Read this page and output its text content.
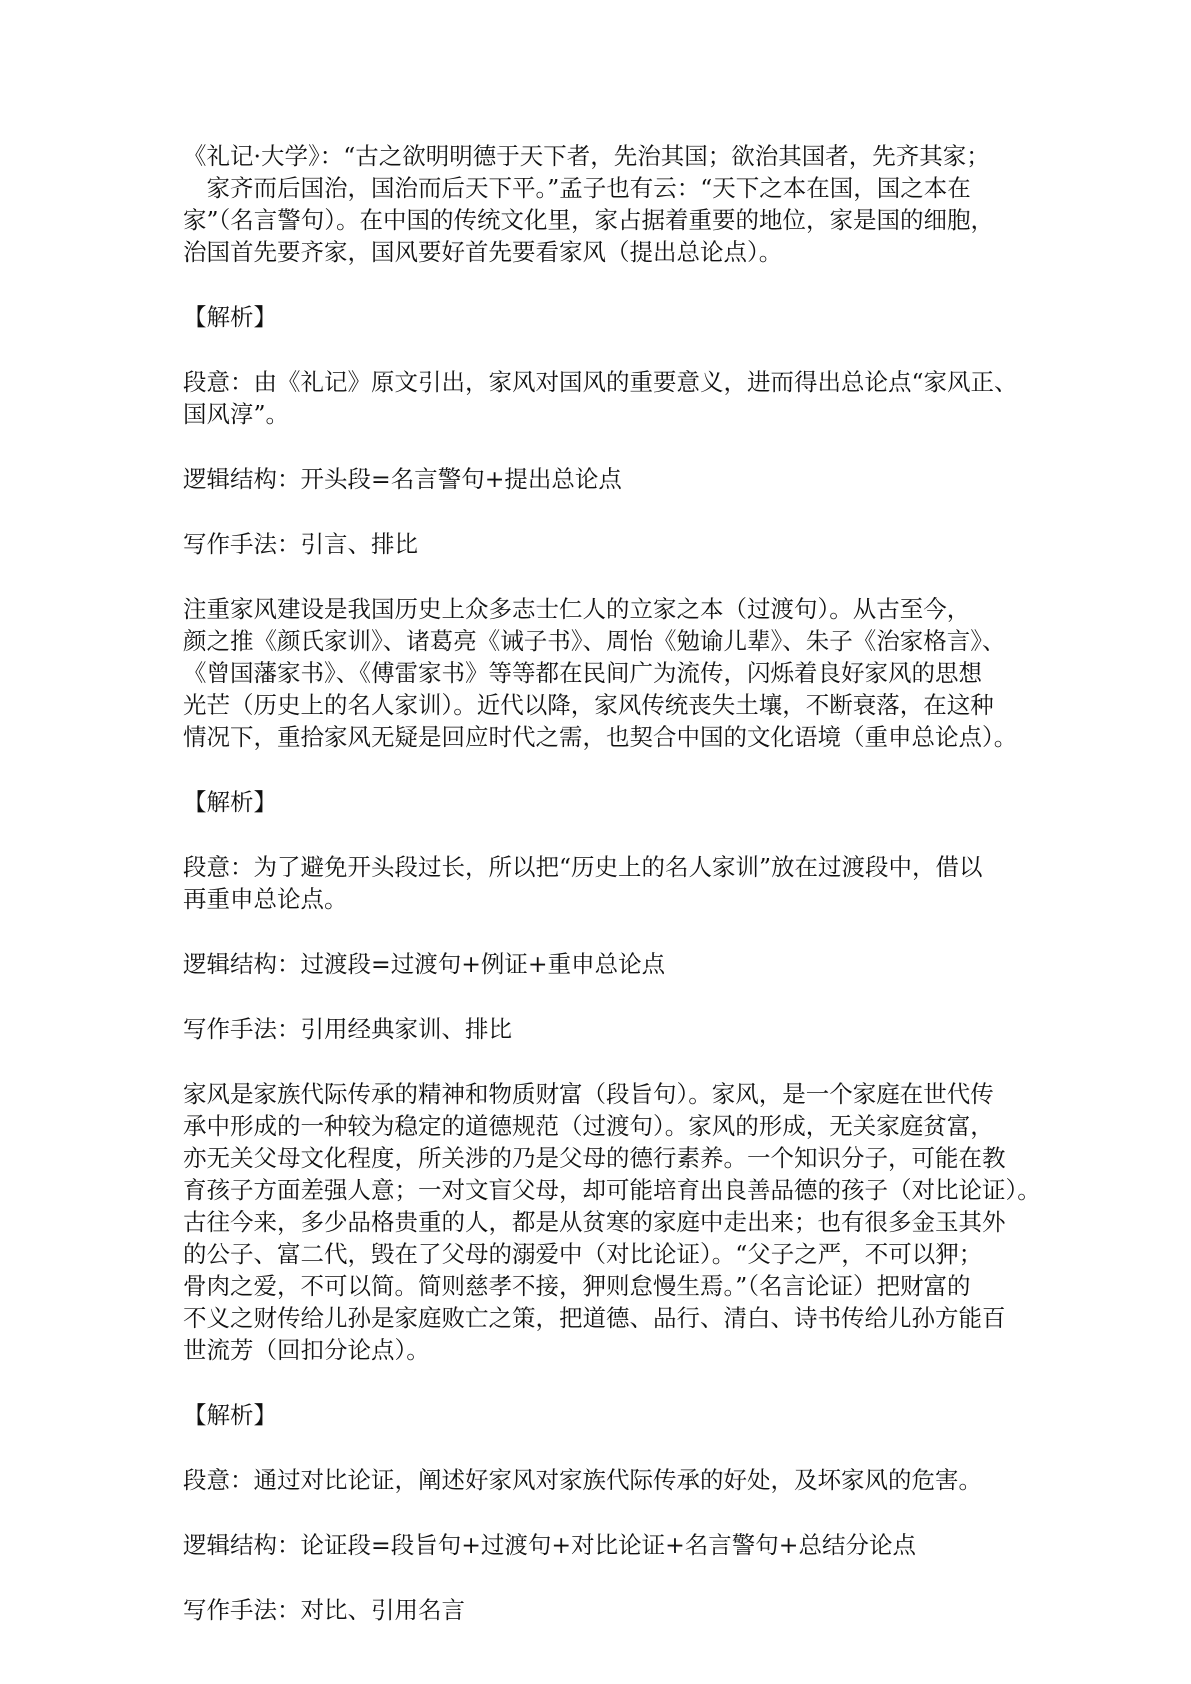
《礼记·大学》：“古之欲明明德于天下者，先治其国；欲治其国者，先齐其家；
　家齐而后国治，国治而后天下平。”孟子也有云：“天下之本在国，国之本在
家”（名言警句）。在中国的传统文化里，家占据着重要的地位，家是国的细胞，
治国首先要齐家，国风要好首先要看家风（提出总论点）。
【解析】
段意：由《礼记》原文引出，家风对国风的重要意义，进而得出总论点“家风正、
国风淳”。
逻辑结构：开头段=名言警句+提出总论点
写作手法：引言、排比
注重家风建设是我国历史上众多志士仁人的立家之本（过渡句）。从古至今，
颜之推《颜氏家训》、诸葛亮《诫子书》、周怡《勉谕儿辈》、朱子《治家格言》、
《曾国藩家书》、《傅雷家书》等等都在民间广为流传，闪烁着良好家风的思想
光芒（历史上的名人家训）。近代以降，家风传统丧失土壤，不断衰落，在这种
情况下，重拾家风无疑是回应时代之需，也契合中国的文化语境（重申总论点）。
【解析】
段意：为了避免开头段过长，所以把“历史上的名人家训”放在过渡段中，借以
再重申总论点。
逻辑结构：过渡段=过渡句+例证+重申总论点
写作手法：引用经典家训、排比
家风是家族代际传承的精神和物质财富（段旨句）。家风，是一个家庭在世代传
承中形成的一种较为稳定的道德规范（过渡句）。家风的形成，无关家庭贫富，
亦无关父母文化程度，所关涉的乃是父母的德行素养。一个知识分子，可能在教
育孩子方面差强人意；一对文盲父母，却可能培育出良善品德的孩子（对比论证）。
古往今来，多少品格贵重的人，都是从贫寒的家庭中走出来；也有很多金玉其外
的公子、富二代，毁在了父母的溺爱中（对比论证）。“父子之严，不可以狎；
骨肉之爱，不可以简。简则慈孝不接，狎则怠慢生焉。”（名言论证）把财富的
不义之财传给儿孙是家庭败亡之策，把道德、品行、清白、诗书传给儿孙方能百
世流芳（回扣分论点）。
【解析】
段意：通过对比论证，阐述好家风对家族代际传承的好处，及坏家风的危害。
逻辑结构：论证段=段旨句+过渡句+对比论证+名言警句+总结分论点
写作手法：对比、引用名言
